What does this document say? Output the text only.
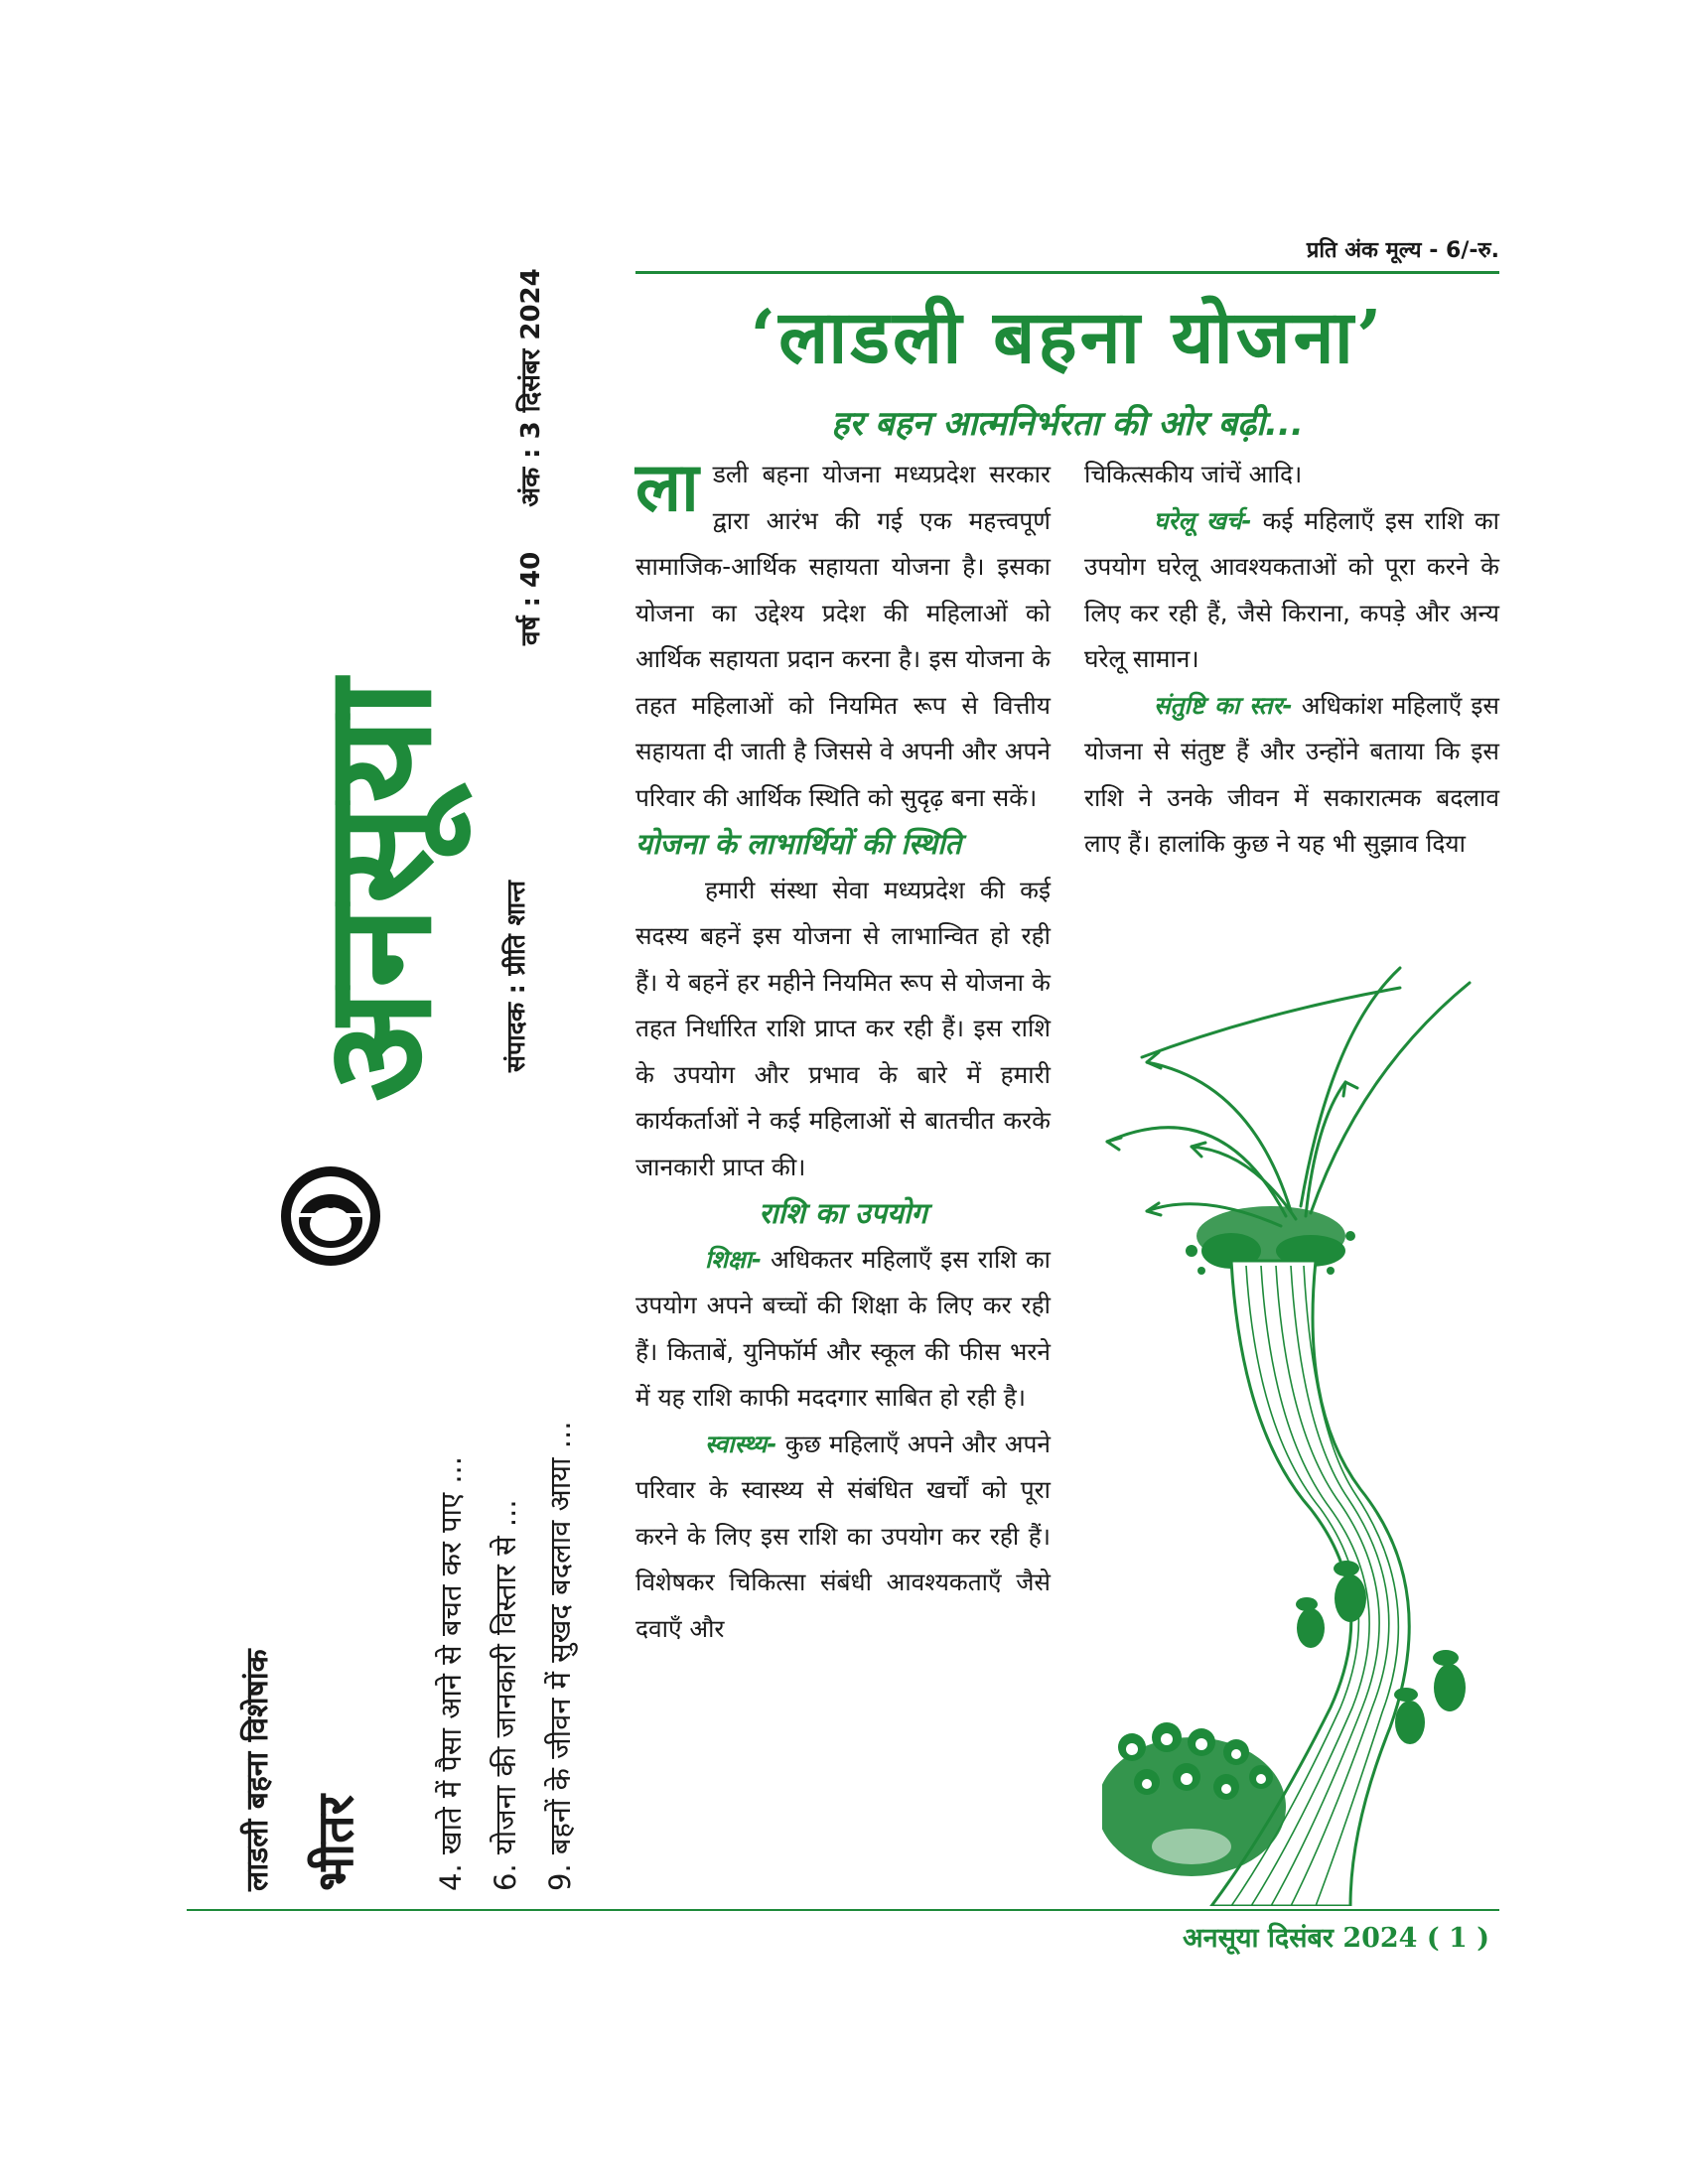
अनसूया
वर्ष : 40 अंक : 3 दिसंबर 2024
संपादक : प्रीति शान्त
लाडली बहना विशेषांक भीतर 4. खाते में पैसा आने से बचत कर पाए ... 6. योजना की जानकारी विस्तार से ... 9. बहनों के जीवन में सुखद बदलाव आया ...
प्रति अंक मूल्य - 6/-रु.
‘लाडली बहना योजना’
हर बहन आत्मनिर्भरता की ओर बढ़ी...

लाडली बहना योजना मध्यप्रदेश सरकार द्वारा आरंभ की गई एक महत्त्वपूर्ण सामाजिक-आर्थिक सहायता योजना है। इसका योजना का उद्देश्य प्रदेश की महिलाओं को आर्थिक सहायता प्रदान करना है। इस योजना के तहत महिलाओं को नियमित रूप से वित्तीय सहायता दी जाती है जिससे वे अपनी और अपने परिवार की आर्थिक स्थिति को सुदृढ़ बना सकें।

योजना के लाभार्थियों की स्थिति

हमारी संस्था सेवा मध्यप्रदेश की कई सदस्य बहनें इस योजना से लाभान्वित हो रही हैं। ये बहनें हर महीने नियमित रूप से योजना के तहत निर्धारित राशि प्राप्त कर रही हैं। इस राशि के उपयोग और प्रभाव के बारे में हमारी कार्यकर्ताओं ने कई महिलाओं से बातचीत करके जानकारी प्राप्त की।

राशि का उपयोग

शिक्षा- अधिकतर महिलाएँ इस राशि का उपयोग अपने बच्चों की शिक्षा के लिए कर रही हैं। किताबें, युनिफॉर्म और स्कूल की फीस भरने में यह राशि काफी मददगार साबित हो रही है।

स्वास्थ्य- कुछ महिलाएँ अपने और अपने परिवार के स्वास्थ्य से संबंधित खर्चों को पूरा करने के लिए इस राशि का उपयोग कर रही हैं। विशेषकर चिकित्सा संबंधी आवश्यकताएँ जैसे दवाएँ और

चिकित्सकीय जांचें आदि।

घरेलू खर्च- कई महिलाएँ इस राशि का उपयोग घरेलू आवश्यकताओं को पूरा करने के लिए कर रही हैं, जैसे किराना, कपड़े और अन्य घरेलू सामान।

संतुष्टि का स्तर- अधिकांश महिलाएँ इस योजना से संतुष्ट हैं और उन्होंने बताया कि इस राशि ने उनके जीवन में सकारात्मक बदलाव लाए हैं। हालांकि कुछ ने यह भी सुझाव दिया

अनसूया दिसंबर 2024 ( 1 )
